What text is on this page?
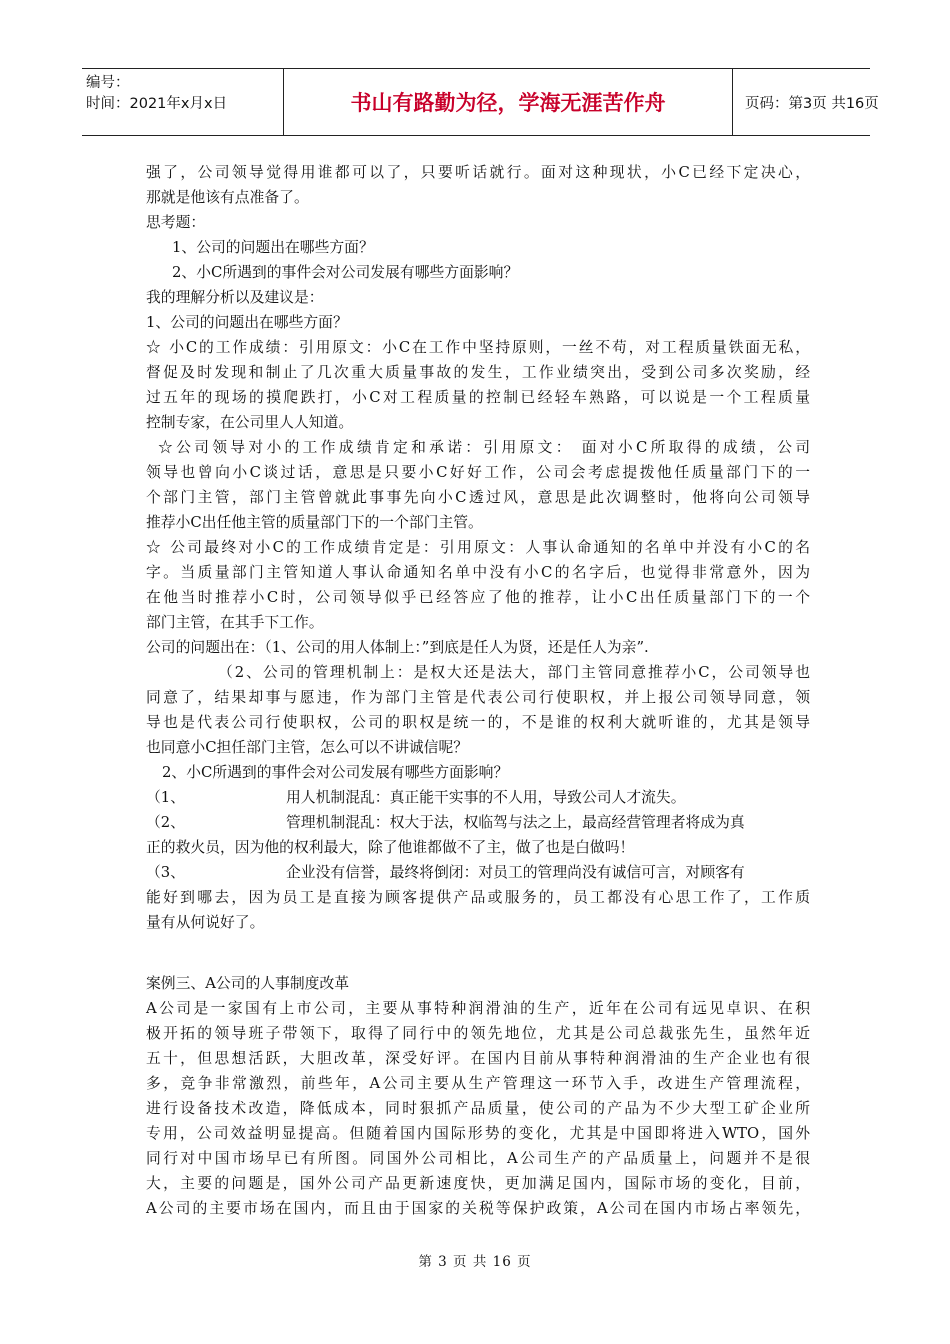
编号：
时间：2021年x月x日	书山有路勤为径，学海无涯苦作舟	页码：第3页 共16页
强了，公司领导觉得用谁都可以了，只要听话就行。面对这种现状，小C已经下定决心，
那就是他该有点准备了。
思考题：
1、公司的问题出在哪些方面？
2、小C所遇到的事件会对公司发展有哪些方面影响？
我的理解分析以及建议是：
1、公司的问题出在哪些方面？
☆ 小C的工作成绩：引用原文：小C在工作中坚持原则，一丝不苟，对工程质量铁面无私，
督促及时发现和制止了几次重大质量事故的发生，工作业绩突出，受到公司多次奖励，经
过五年的现场的摸爬跌打，小C对工程质量的控制已经轻车熟路，可以说是一个工程质量
控制专家，在公司里人人知道。
☆公司领导对小的工作成绩肯定和承诺：引用原文： 面对小C所取得的成绩，公司
领导也曾向小C谈过话，意思是只要小C好好工作，公司会考虑提拨他任质量部门下的一
个部门主管，部门主管曾就此事事先向小C透过风，意思是此次调整时，他将向公司领导
推荐小C出任他主管的质量部门下的一个部门主管。
☆ 公司最终对小C的工作成绩肯定是：引用原文：人事认命通知的名单中并没有小C的名
字。当质量部门主管知道人事认命通知名单中没有小C的名字后，也觉得非常意外，因为
在他当时推荐小C时，公司领导似乎已经答应了他的推荐，让小C出任质量部门下的一个
部门主管，在其手下工作。
公司的问题出在：（1、公司的用人体制上：”到底是任人为贤，还是任人为亲”.
（2、公司的管理机制上：是权大还是法大，部门主管同意推荐小C，公司领导也
同意了，结果却事与愿违，作为部门主管是代表公司行使职权，并上报公司领导同意，领
导也是代表公司行使职权，公司的职权是统一的，不是谁的权利大就听谁的，尤其是领导
也同意小C担任部门主管，怎么可以不讲诚信呢？
2、小C所遇到的事件会对公司发展有哪些方面影响？
（1、	用人机制混乱：真正能干实事的不人用，导致公司人才流失。
（2、	管理机制混乱：权大于法，权临驾与法之上，最高经营管理者将成为真
正的救火员，因为他的权利最大，除了他谁都做不了主，做了也是白做吗！
（3、	企业没有信誉，最终将倒闭：对员工的管理尚没有诚信可言，对顾客有
能好到哪去，因为员工是直接为顾客提供产品或服务的，员工都没有心思工作了，工作质
量有从何说好了。
案例三、A公司的人事制度改革
A公司是一家国有上市公司，主要从事特种润滑油的生产，近年在公司有远见卓识、在积
极开拓的领导班子带领下，取得了同行中的领先地位，尤其是公司总裁张先生，虽然年近
五十，但思想活跃，大胆改革，深受好评。在国内目前从事特种润滑油的生产企业也有很
多，竞争非常激烈，前些年，A公司主要从生产管理这一环节入手，改进生产管理流程，
进行设备技术改造，降低成本，同时狠抓产品质量，使公司的产品为不少大型工矿企业所
专用，公司效益明显提高。但随着国内国际形势的变化，尤其是中国即将进入WTO，国外
同行对中国市场早已有所图。同国外公司相比，A公司生产的产品质量上，问题并不是很
大，主要的问题是，国外公司产品更新速度快，更加满足国内，国际市场的变化，目前，
A公司的主要市场在国内，而且由于国家的关税等保护政策，A公司在国内市场占率领先，
第 3 页 共 16 页
